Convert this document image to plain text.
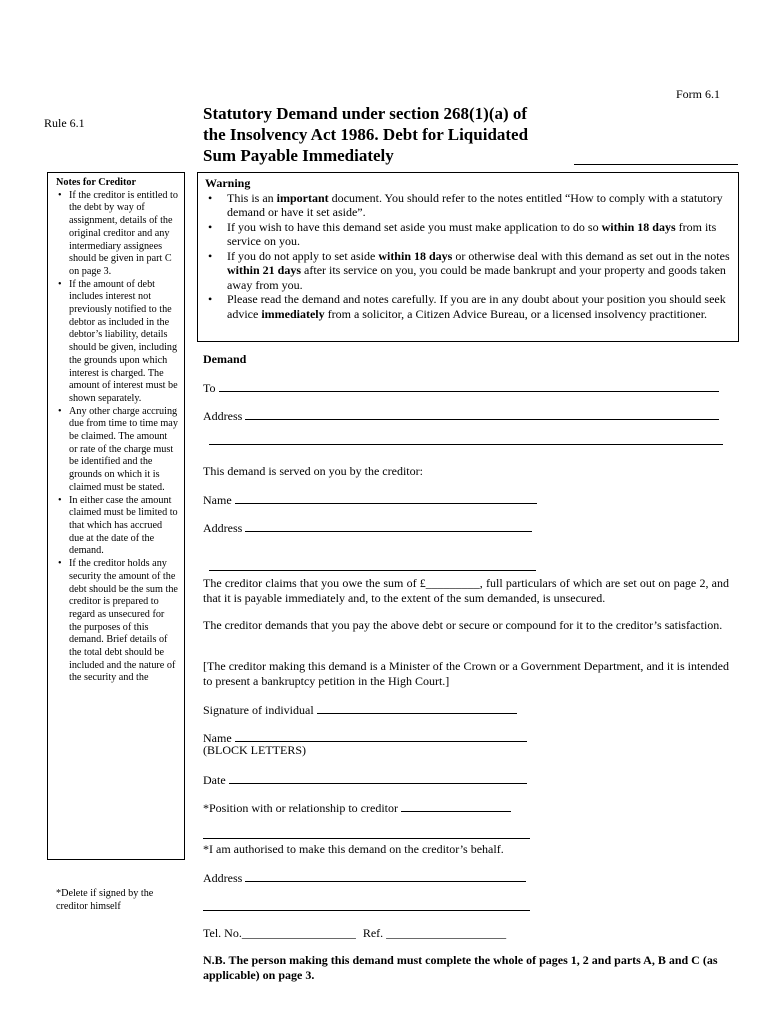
Form 6.1
Rule 6.1	Statutory Demand under section 268(1)(a) of
the Insolvency Act 1986. Debt for Liquidated
Sum Payable Immediately
Notes for Creditor
• If the creditor is entitled to the debt by way of assignment, details of the original creditor and any intermediary assignees should be given in part C on page 3.
• If the amount of debt includes interest not previously notified to the debtor as included in the debtor’s liability, details should be given, including the grounds upon which interest is charged. The amount of interest must be shown separately.
• Any other charge accruing due from time to time may be claimed. The amount or rate of the charge must be identified and the grounds on which it is claimed must be stated.
• In either case the amount claimed must be limited to that which has accrued due at the date of the demand.
• If the creditor holds any security the amount of the debt should be the sum the creditor is prepared to regard as unsecured for the purposes of this demand. Brief details of the total debt should be included and the nature of the security and the
*Delete if signed by the
creditor himself
Warning
• This is an important document. You should refer to the notes entitled “How to comply with a statutory demand or have it set aside”.
• If you wish to have this demand set aside you must make application to do so within 18 days from its service on you.
• If you do not apply to set aside within 18 days or otherwise deal with this demand as set out in the notes within 21 days after its service on you, you could be made bankrupt and your property and goods taken away from you.
• Please read the demand and notes carefully. If you are in any doubt about your position you should seek advice immediately from a solicitor, a Citizen Advice Bureau, or a licensed insolvency practitioner.
Demand
To
Address
This demand is served on you by the creditor:
Name
Address
The creditor claims that you owe the sum of £_________, full particulars of which are set out on page 2, and that it is payable immediately and, to the extent of the sum demanded, is unsecured.
The creditor demands that you pay the above debt or secure or compound for it to the creditor’s satisfaction.
[The creditor making this demand is a Minister of the Crown or a Government Department, and it is intended to present a bankruptcy petition in the High Court.]
Signature of individual
Name
(BLOCK LETTERS)
Date
*Position with or relationship to creditor
*I am authorised to make this demand on the creditor’s behalf.
Address
Tel. No.___________________ Ref. ____________________
N.B. The person making this demand must complete the whole of pages 1, 2 and parts A, B and C (as applicable) on page 3.
